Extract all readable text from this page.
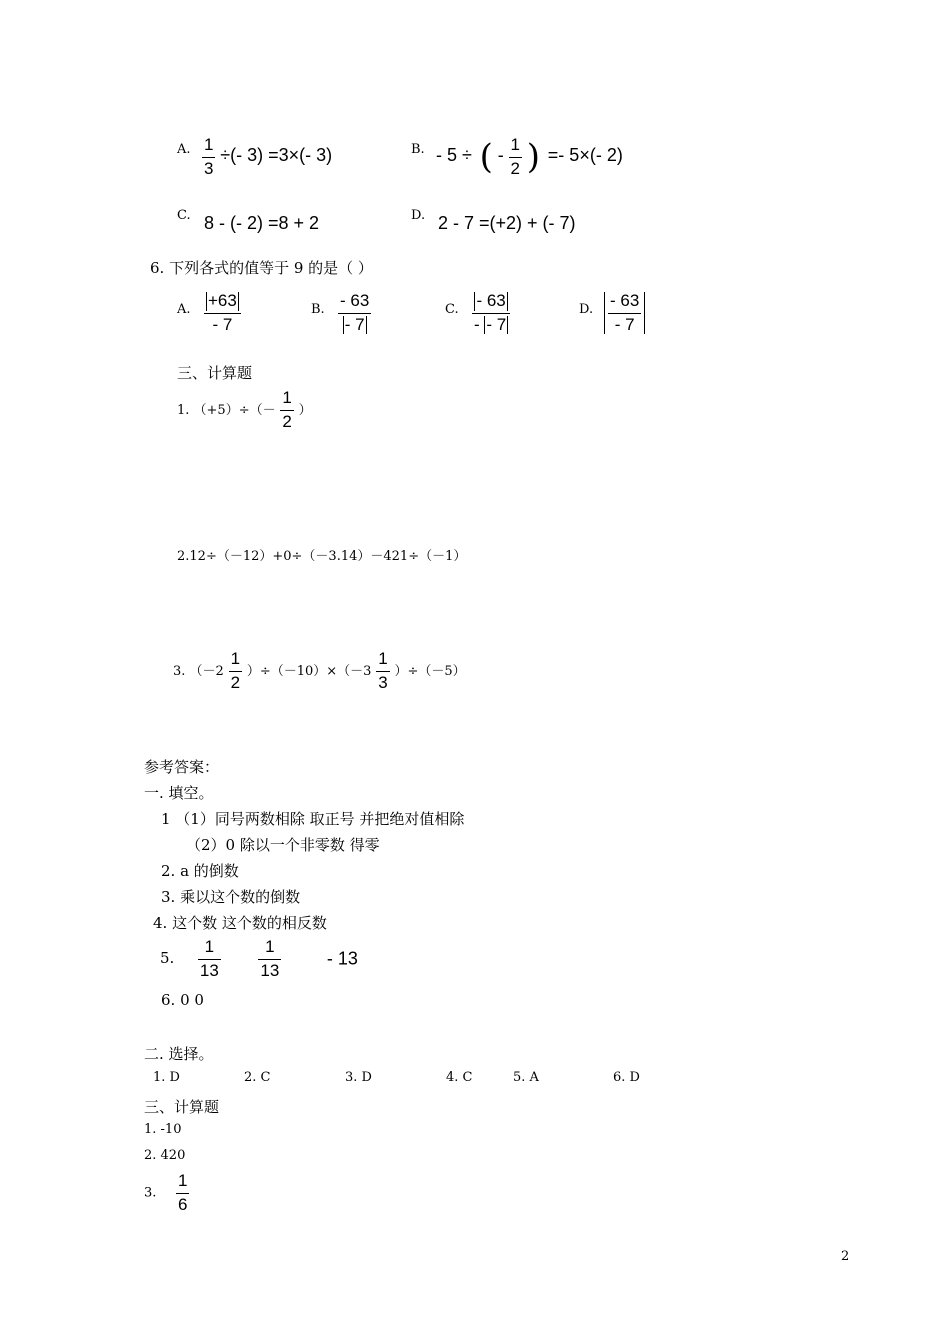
A. $\frac{1}{3}$ ÷(- 3) =3×(- 3)	B. - 5 ÷ ( - $\frac{1}{2}$ ) =- 5×(- 2)
C. 8 - (- 2) =8 + 2	D. 2 - 7 =(+2) + (- 7)
6. 下列各式的值等于 9 的是（ ）
A. $\frac{+63}{- 7}$	B. $\frac{- 63}{- 7}$	C. $\frac{- 63}{- - 7}$	D. $\frac{- 63}{- 7}$
三、计算题
1. $(+5)\div(- \frac{1}{2}$ ）
2.12÷（－12）+0÷（－3.14）－421÷（－1）
3. $(-2 \frac{1}{2} )\div(-10)\times(-3 \frac{1}{3} )\div(-5)$
参考答案：
一. 填空。
1 （1）同号两数相除 取正号 并把绝对值相除
（2）0 除以一个非零数 得零
2. a 的倒数
3. 乘以这个数的倒数
4. 这个数 这个数的相反数
5. $\frac{1}{13}$
$\frac{1}{13}$	- 13
6. 0 0
二. 选择。
1. D	2. C	3. D	4. C	5. A	6. D
三、计算题
1. -10
2. 420
3. $\frac{1}{6}$
2
